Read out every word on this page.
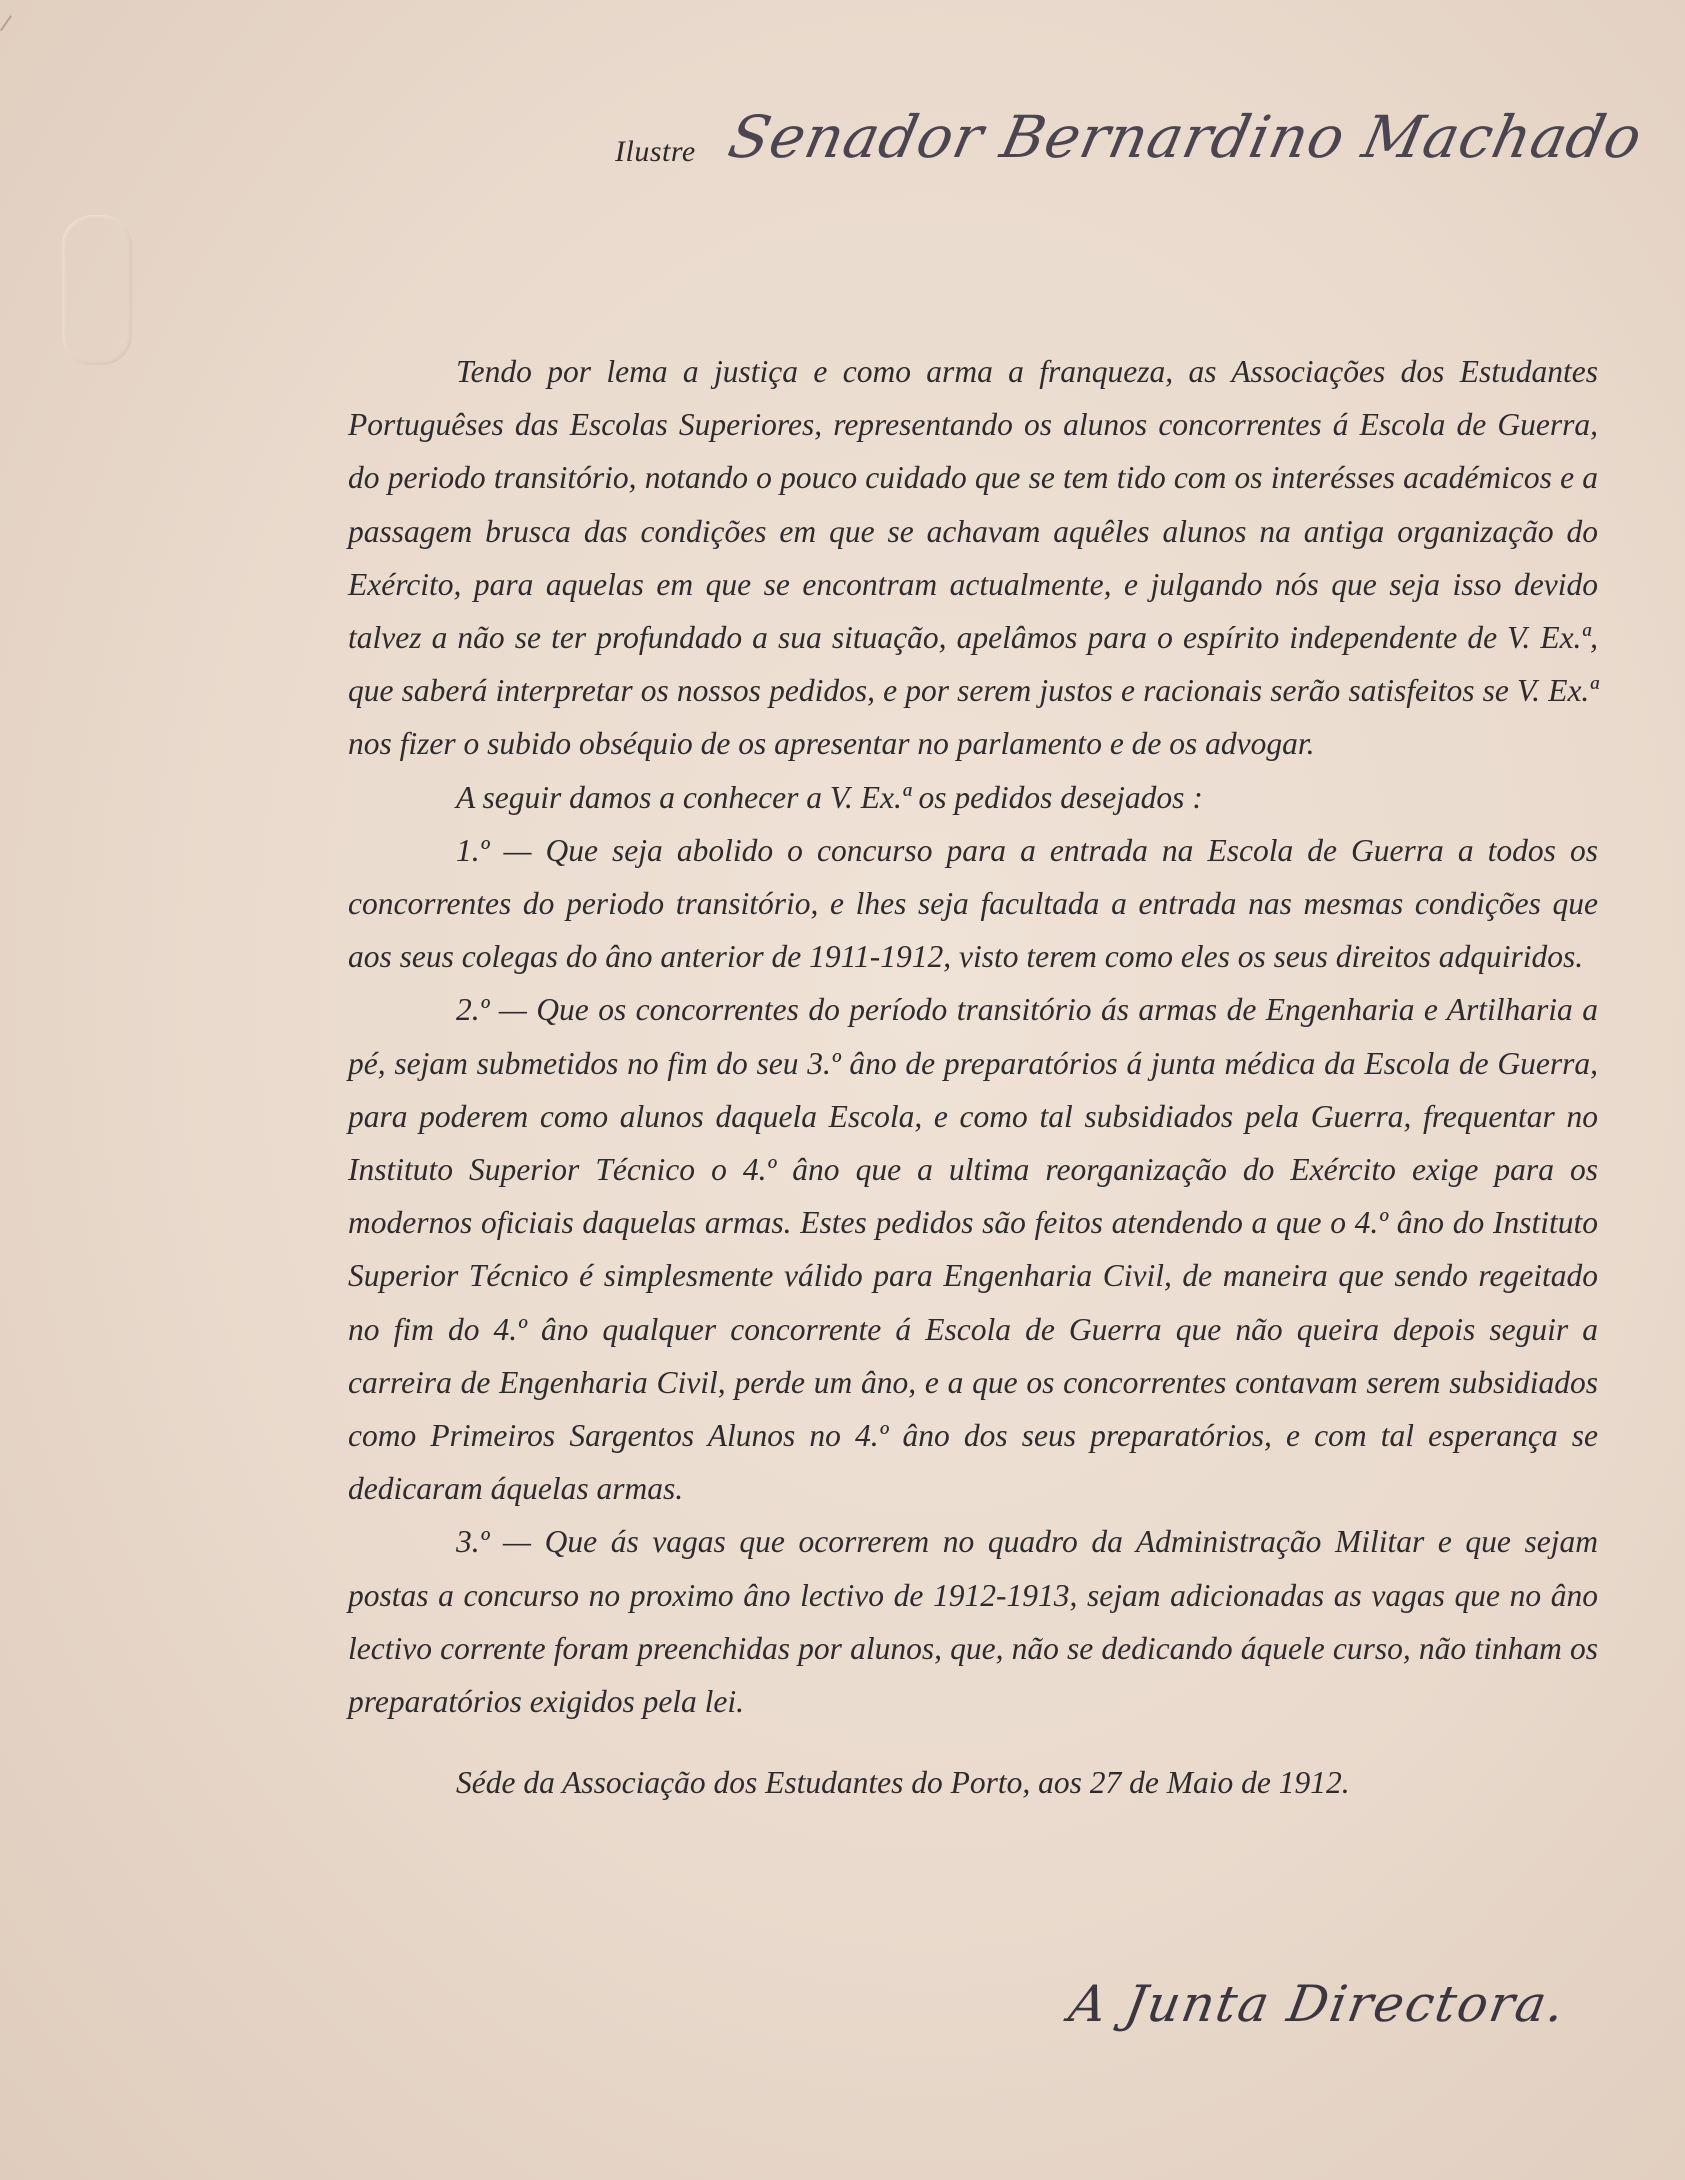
Ilustre Senador Bernardino Machado

Tendo por lema a justiça e como arma a franqueza, as Associações dos Estudantes Portuguêses das Escolas Superiores, representando os alunos concorrentes á Escola de Guerra, do periodo transitório, notando o pouco cuidado que se tem tido com os interésses académicos e a passagem brusca das condições em que se achavam aquêles alunos na antiga organização do Exército, para aquelas em que se encontram actualmente, e julgando nós que seja isso devido talvez a não se ter profundado a sua situação, apelâmos para o espírito independente de V. Ex.ª, que saberá interpretar os nossos pedidos, e por serem justos e racionais serão satisfeitos se V. Ex.ª nos fizer o subido obséquio de os apresentar no parlamento e de os advogar.

A seguir damos a conhecer a V. Ex.ª os pedidos desejados :

1.º — Que seja abolido o concurso para a entrada na Escola de Guerra a todos os concorrentes do periodo transitório, e lhes seja facultada a entrada nas mesmas condições que aos seus colegas do âno anterior de 1911-1912, visto terem como eles os seus direitos adquiridos.

2.º — Que os concorrentes do período transitório ás armas de Engenharia e Artilharia a pé, sejam submetidos no fim do seu 3.º âno de preparatórios á junta médica da Escola de Guerra, para poderem como alunos daquela Escola, e como tal subsidiados pela Guerra, frequentar no Instituto Superior Técnico o 4.º âno que a ultima reorganização do Exército exige para os modernos oficiais daquelas armas. Estes pedidos são feitos atendendo a que o 4.º âno do Instituto Superior Técnico é simplesmente válido para Engenharia Civil, de maneira que sendo regeitado no fim do 4.º âno qualquer concorrente á Escola de Guerra que não queira depois seguir a carreira de Engenharia Civil, perde um âno, e a que os concorrentes contavam serem subsidiados como Primeiros Sargentos Alunos no 4.º âno dos seus preparatórios, e com tal esperança se dedicaram áquelas armas.

3.º — Que ás vagas que ocorrerem no quadro da Administração Militar e que sejam postas a concurso no proximo âno lectivo de 1912-1913, sejam adicionadas as vagas que no âno lectivo corrente foram preenchidas por alunos, que, não se dedicando áquele curso, não tinham os preparatórios exigidos pela lei.

Séde da Associação dos Estudantes do Porto, aos 27 de Maio de 1912.

A Junta Directora.
